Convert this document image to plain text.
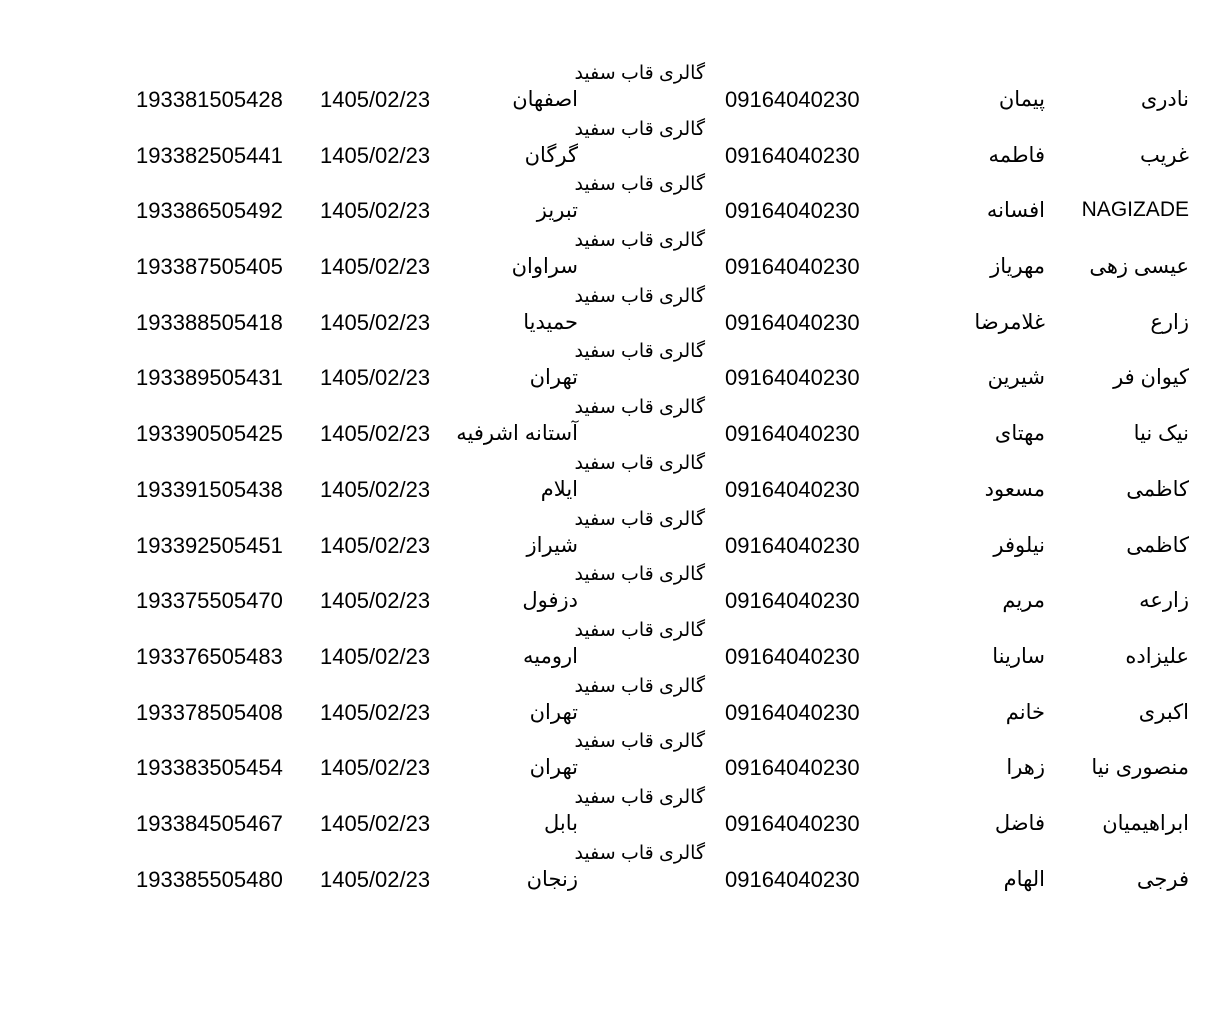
نادری
پیمان
09164040230
گالری قاب سفید
اصفهان
1405/02/23
193381505428
غریب
فاطمه
09164040230
گالری قاب سفید
گرگان
1405/02/23
193382505441
NAGIZADE
افسانه
09164040230
گالری قاب سفید
تبریز
1405/02/23
193386505492
عیسی زهی
مهریاز
09164040230
گالری قاب سفید
سراوان
1405/02/23
193387505405
زارع
غلامرضا
09164040230
گالری قاب سفید
حمیدیا
1405/02/23
193388505418
کیوان فر
شیرین
09164040230
گالری قاب سفید
تهران
1405/02/23
193389505431
نیک نیا
مهتای
09164040230
گالری قاب سفید
آستانه اشرفیه
1405/02/23
193390505425
کاظمی
مسعود
09164040230
گالری قاب سفید
ایلام
1405/02/23
193391505438
کاظمی
نیلوفر
09164040230
گالری قاب سفید
شیراز
1405/02/23
193392505451
زارعه
مریم
09164040230
گالری قاب سفید
دزفول
1405/02/23
193375505470
علیزاده
سارینا
09164040230
گالری قاب سفید
ارومیه
1405/02/23
193376505483
اکبری
خانم
09164040230
گالری قاب سفید
تهران
1405/02/23
193378505408
منصوری نیا
زهرا
09164040230
گالری قاب سفید
تهران
1405/02/23
193383505454
ابراهیمیان
فاضل
09164040230
گالری قاب سفید
بابل
1405/02/23
193384505467
فرجی
الهام
09164040230
گالری قاب سفید
زنجان
1405/02/23
193385505480
